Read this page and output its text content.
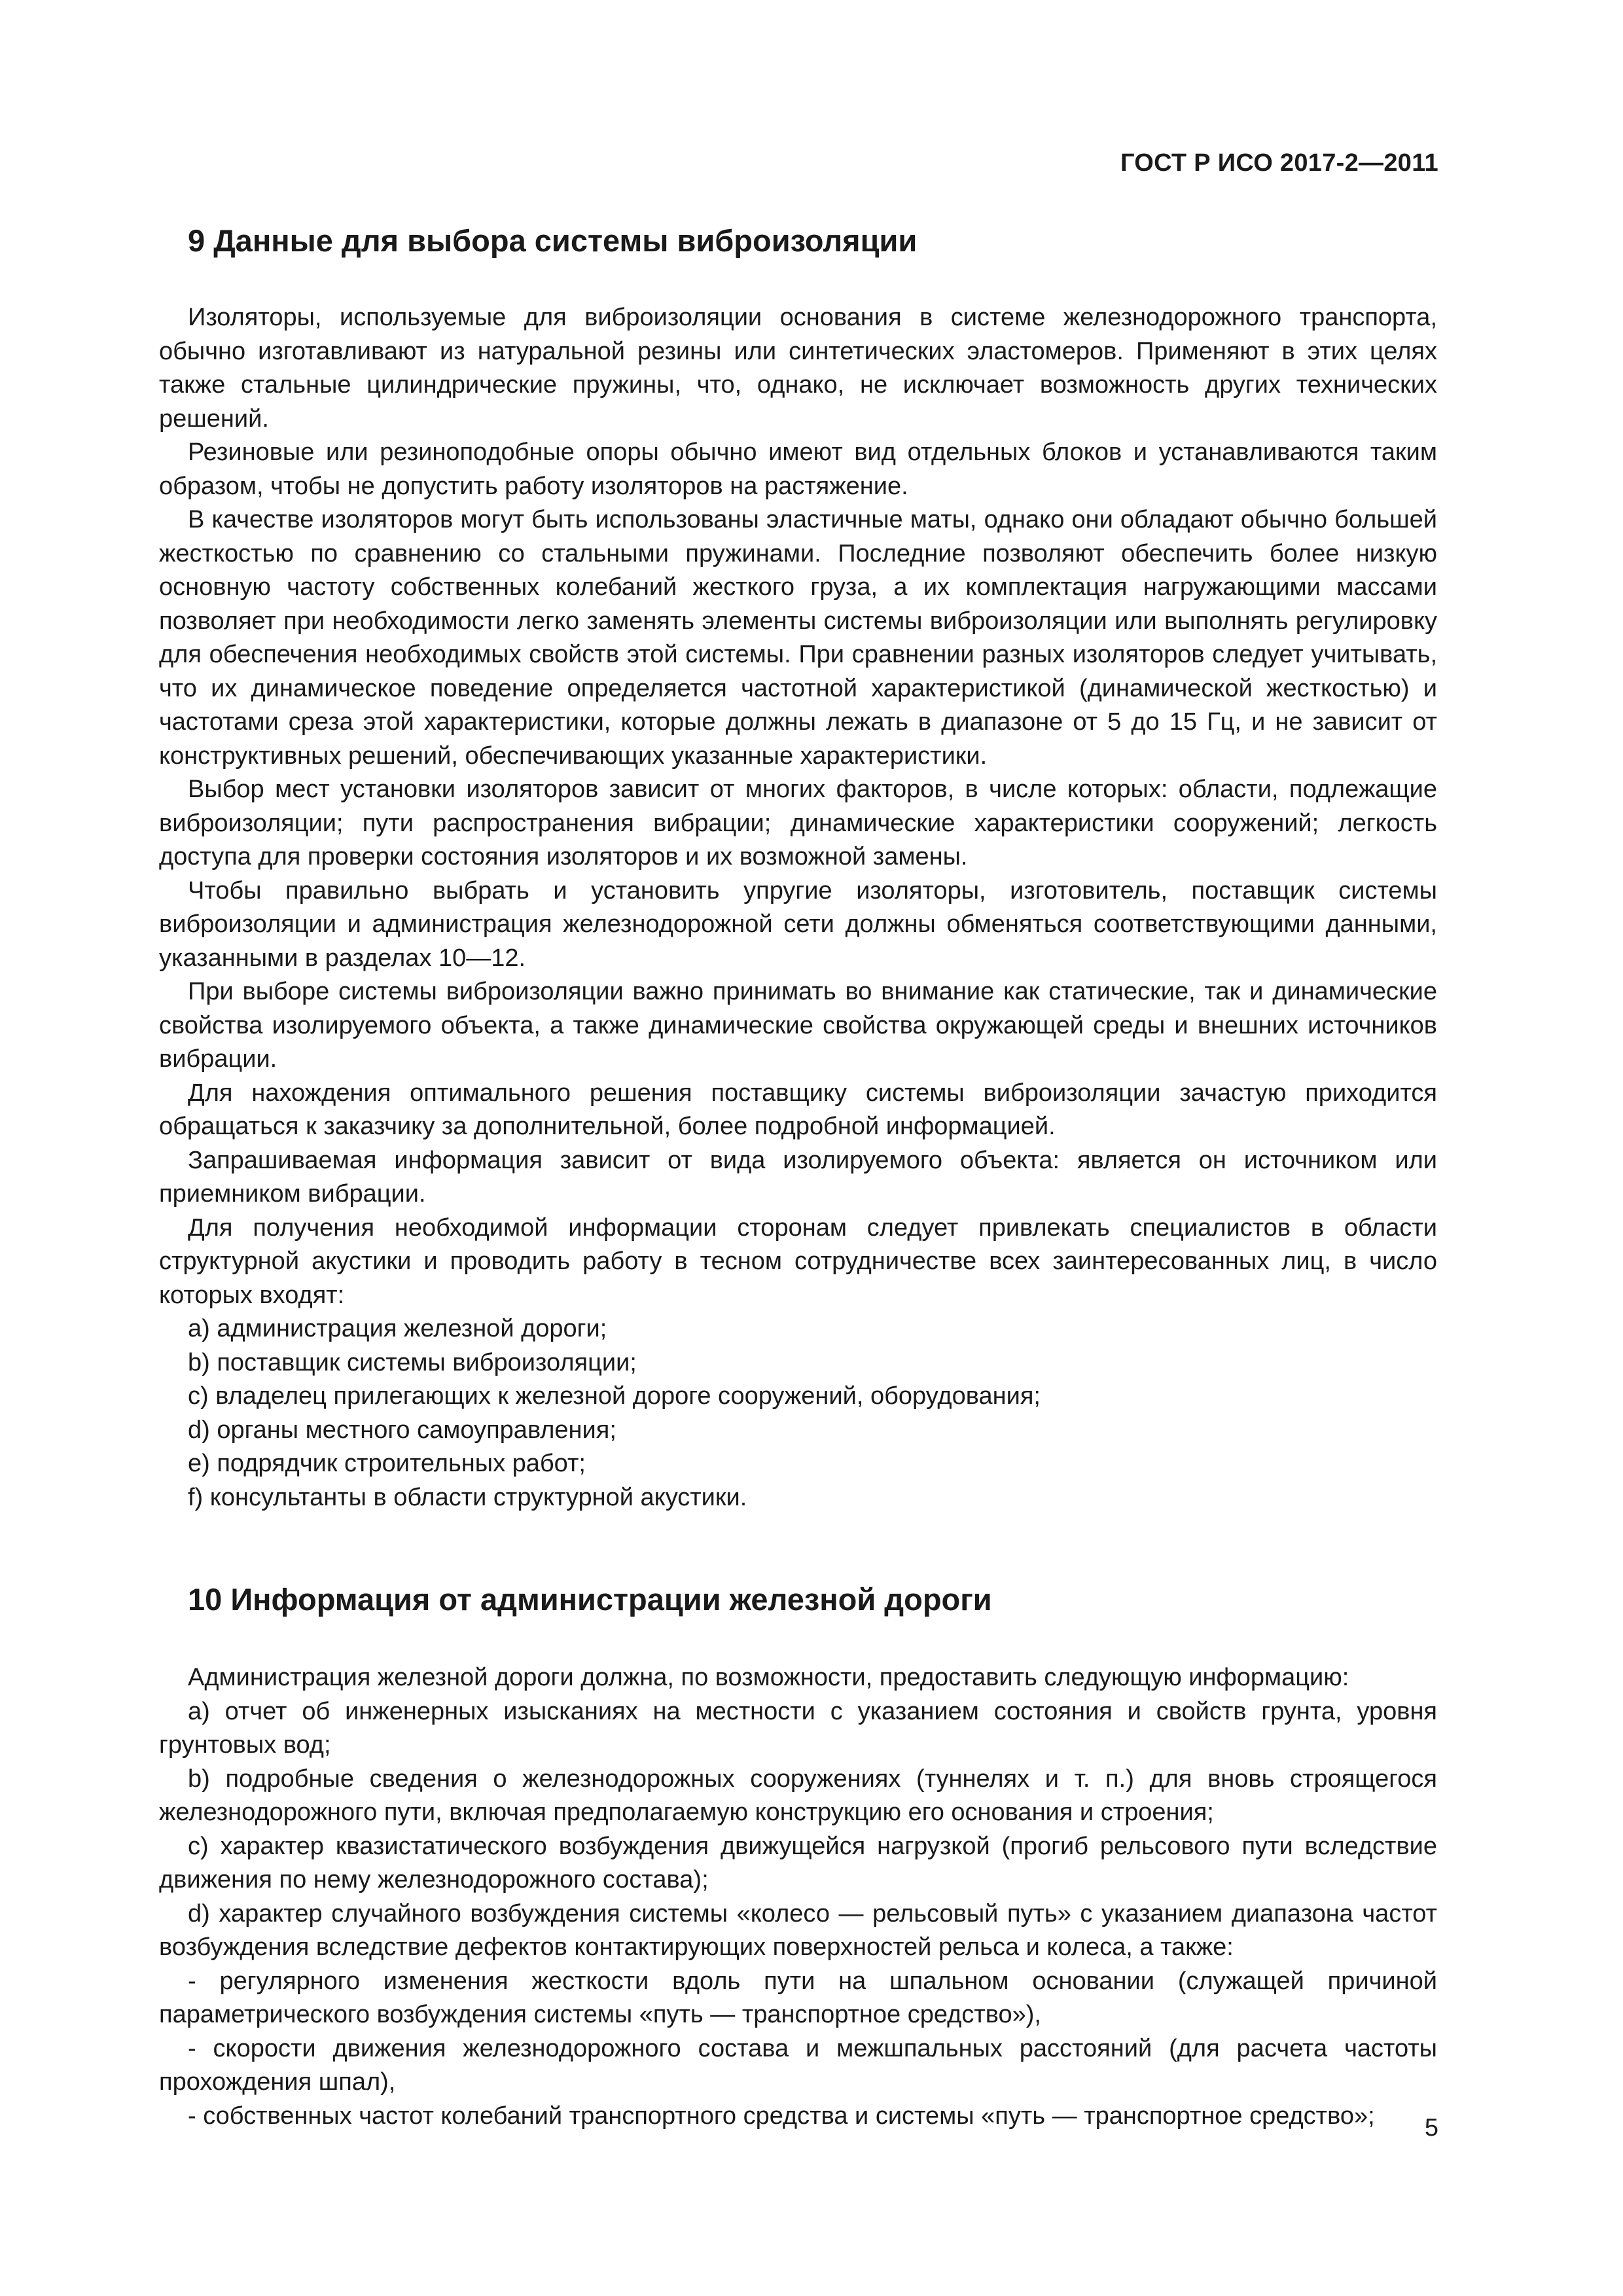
ГОСТ Р ИСО 2017-2—2011
9 Данные для выбора системы виброизоляции

Изоляторы, используемые для виброизоляции основания в системе железнодорожного транспорта, обычно изготавливают из натуральной резины или синтетических эластомеров. Применяют в этих целях также стальные цилиндрические пружины, что, однако, не исключает возможность других технических решений.

Резиновые или резиноподобные опоры обычно имеют вид отдельных блоков и устанавливаются таким образом, чтобы не допустить работу изоляторов на растяжение.

В качестве изоляторов могут быть использованы эластичные маты, однако они обладают обычно большей жесткостью по сравнению со стальными пружинами. Последние позволяют обеспечить более низкую основную частоту собственных колебаний жесткого груза, а их комплектация нагружающими массами позволяет при необходимости легко заменять элементы системы виброизоляции или выполнять регулировку для обеспечения необходимых свойств этой системы. При сравнении разных изоляторов следует учитывать, что их динамическое поведение определяется частотной характеристикой (динамической жесткостью) и частотами среза этой характеристики, которые должны лежать в диапазоне от 5 до 15 Гц, и не зависит от конструктивных решений, обеспечивающих указанные характеристики.

Выбор мест установки изоляторов зависит от многих факторов, в числе которых: области, подлежащие виброизоляции; пути распространения вибрации; динамические характеристики сооружений; легкость доступа для проверки состояния изоляторов и их возможной замены.

Чтобы правильно выбрать и установить упругие изоляторы, изготовитель, поставщик системы виброизоляции и администрация железнодорожной сети должны обменяться соответствующими данными, указанными в разделах 10—12.

При выборе системы виброизоляции важно принимать во внимание как статические, так и динамические свойства изолируемого объекта, а также динамические свойства окружающей среды и внешних источников вибрации.

Для нахождения оптимального решения поставщику системы виброизоляции зачастую приходится обращаться к заказчику за дополнительной, более подробной информацией.

Запрашиваемая информация зависит от вида изолируемого объекта: является он источником или приемником вибрации.

Для получения необходимой информации сторонам следует привлекать специалистов в области структурной акустики и проводить работу в тесном сотрудничестве всех заинтересованных лиц, в число которых входят:

a) администрация железной дороги;
b) поставщик системы виброизоляции;
c) владелец прилегающих к железной дороге сооружений, оборудования;
d) органы местного самоуправления;
e) подрядчик строительных работ;
f) консультанты в области структурной акустики.
10 Информация от администрации железной дороги

Администрация железной дороги должна, по возможности, предоставить следующую информацию:

a) отчет об инженерных изысканиях на местности с указанием состояния и свойств грунта, уровня грунтовых вод;

b) подробные сведения о железнодорожных сооружениях (туннелях и т. п.) для вновь строящегося железнодорожного пути, включая предполагаемую конструкцию его основания и строения;

c) характер квазистатического возбуждения движущейся нагрузкой (прогиб рельсового пути вследствие движения по нему железнодорожного состава);

d) характер случайного возбуждения системы «колесо — рельсовый путь» с указанием диапазона частот возбуждения вследствие дефектов контактирующих поверхностей рельса и колеса, а также:

- регулярного изменения жесткости вдоль пути на шпальном основании (служащей причиной параметрического возбуждения системы «путь — транспортное средство»),

- скорости движения железнодорожного состава и межшпальных расстояний (для расчета частоты прохождения шпал),

- собственных частот колебаний транспортного средства и системы «путь — транспортное средство»;	5
